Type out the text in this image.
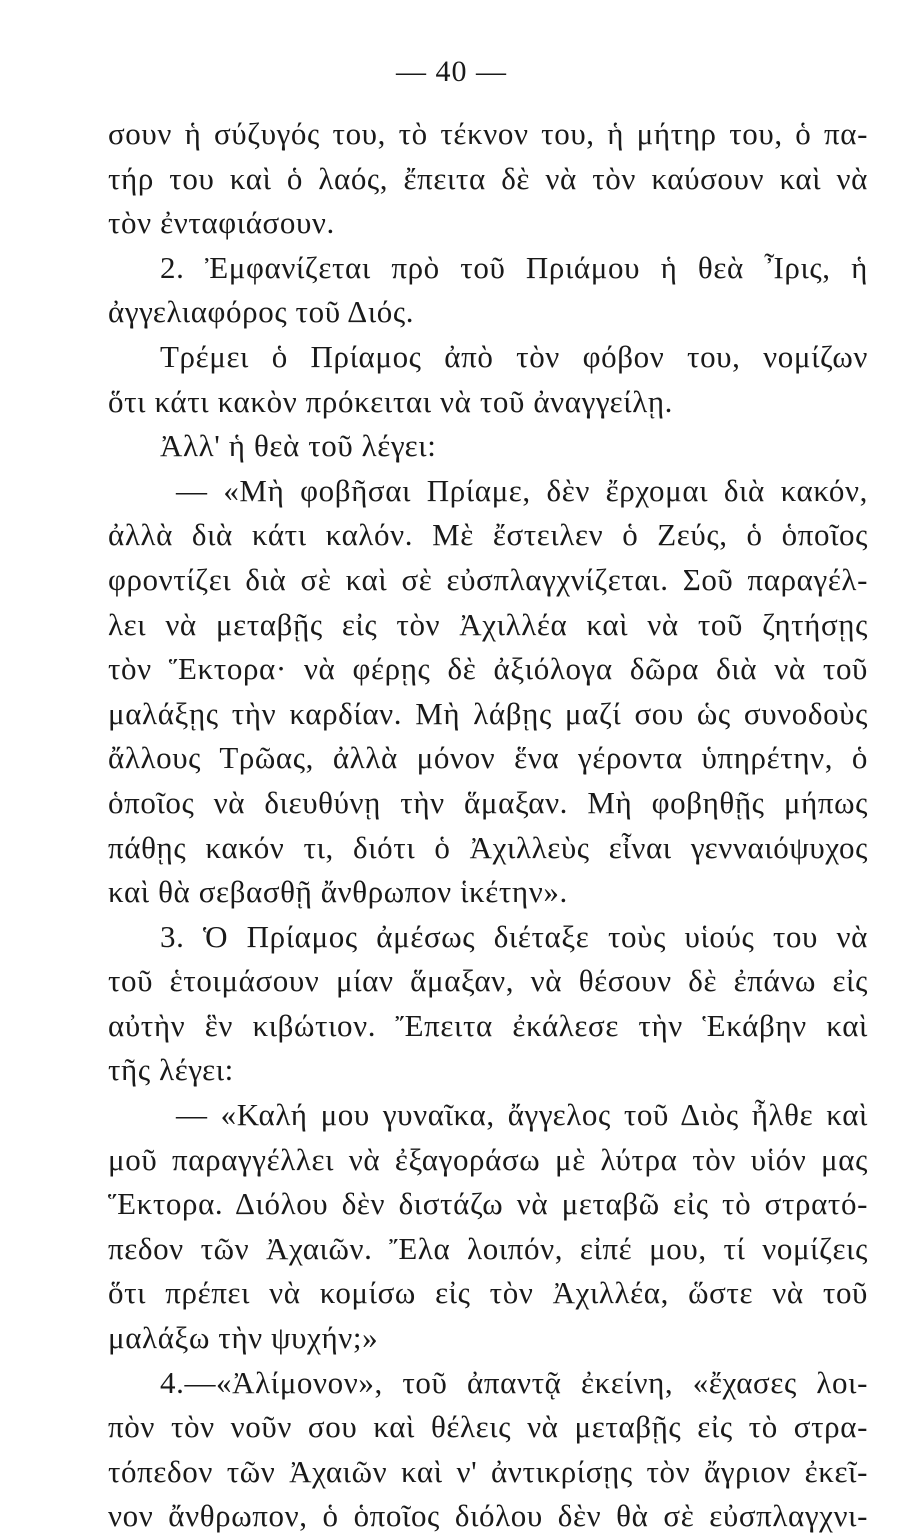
— 40 —
σουν ἡ σύζυγός του, τὸ τέκνον του, ἡ μήτηρ του, ὁ πα-
τήρ του καὶ ὁ λαός, ἔπειτα δὲ νὰ τὸν καύσουν καὶ νὰ
τὸν ἐνταφιάσουν.
2. Ἐμφανίζεται πρὸ τοῦ Πριάμου ἡ θεὰ Ἶρις, ἡ
ἀγγελιαφόρος τοῦ Διός.
Τρέμει ὁ Πρίαμος ἀπὸ τὸν φόβον του, νομίζων
ὅτι κάτι κακὸν πρόκειται νὰ τοῦ ἀναγγείλῃ.
Ἀλλ' ἡ θεὰ τοῦ λέγει:
— «Μὴ φοβῆσαι Πρίαμε, δὲν ἔρχομαι διὰ κακόν,
ἀλλὰ διὰ κάτι καλόν. Μὲ ἔστειλεν ὁ Ζεύς, ὁ ὁποῖος
φροντίζει διὰ σὲ καὶ σὲ εὐσπλαγχνίζεται. Σοῦ παραγέλ-
λει νὰ μεταβῇς εἰς τὸν Ἀχιλλέα καὶ νὰ τοῦ ζητήσῃς
τὸν Ἕκτορα· νὰ φέρῃς δὲ ἀξιόλογα δῶρα διὰ νὰ τοῦ
μαλάξῃς τὴν καρδίαν. Μὴ λάβῃς μαζί σου ὡς συνοδοὺς
ἄλλους Τρῶας, ἀλλὰ μόνον ἕνα γέροντα ὑπηρέτην, ὁ
ὁποῖος νὰ διευθύνῃ τὴν ἅμαξαν. Μὴ φοβηθῇς μήπως
πάθῃς κακόν τι, διότι ὁ Ἀχιλλεὺς εἶναι γενναιόψυχος
καὶ θὰ σεβασθῇ ἄνθρωπον ἱκέτην».
3. Ὁ Πρίαμος ἀμέσως διέταξε τοὺς υἱούς του νὰ
τοῦ ἑτοιμάσουν μίαν ἅμαξαν, νὰ θέσουν δὲ ἐπάνω εἰς
αὐτὴν ἓν κιβώτιον. Ἔπειτα ἐκάλεσε τὴν Ἑκάβην καὶ
τῆς λέγει:
— «Καλή μου γυναῖκα, ἄγγελος τοῦ Διὸς ἦλθε καὶ
μοῦ παραγγέλλει νὰ ἐξαγοράσω μὲ λύτρα τὸν υἱόν μας
Ἕκτορα. Διόλου δὲν διστάζω νὰ μεταβῶ εἰς τὸ στρατό-
πεδον τῶν Ἀχαιῶν. Ἔλα λοιπόν, εἰπέ μου, τί νομίζεις
ὅτι πρέπει νὰ κομίσω εἰς τὸν Ἀχιλλέα, ὥστε νὰ τοῦ
μαλάξω τὴν ψυχήν;»
4.—«Ἀλίμονον», τοῦ ἀπαντᾷ ἐκείνη, «ἔχασες λοι-
πὸν τὸν νοῦν σου καὶ θέλεις νὰ μεταβῇς εἰς τὸ στρα-
τόπεδον τῶν Ἀχαιῶν καὶ ν' ἀντικρίσῃς τὸν ἄγριον ἐκεῖ-
νον ἄνθρωπον, ὁ ὁποῖος διόλου δὲν θὰ σὲ εὐσπλαγχνι-
